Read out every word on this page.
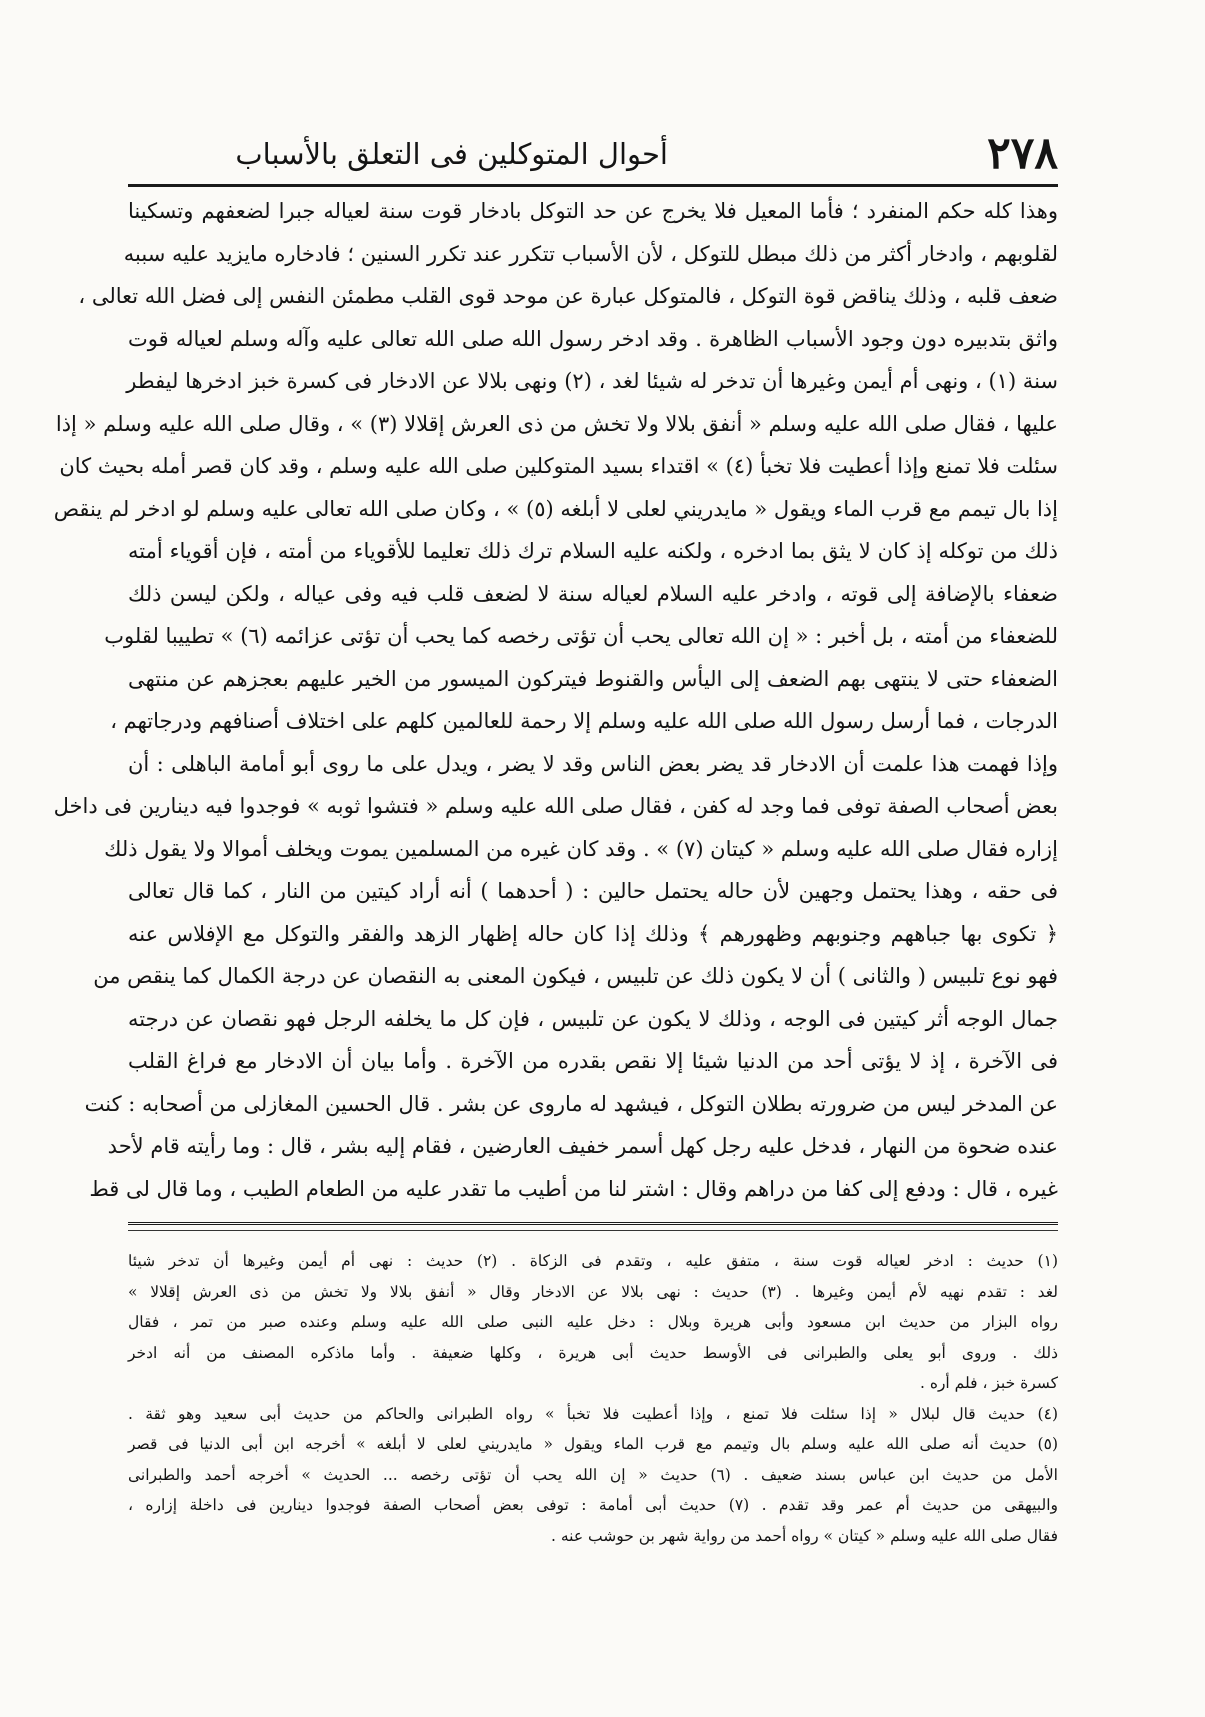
٢٧٨
أحوال المتوكلين فى التعلق بالأسباب
وهذا كله حكم المنفرد ؛ فأما المعيل فلا يخرج عن حد التوكل بادخار قوت سنة لعياله جبرا لضعفهم وتسكينا
لقلوبهم ، وادخار أكثر من ذلك مبطل للتوكل ، لأن الأسباب تتكرر عند تكرر السنين ؛ فادخاره مايزيد عليه سببه
ضعف قلبه ، وذلك يناقض قوة التوكل ، فالمتوكل عبارة عن موحد قوى القلب مطمئن النفس إلى فضل الله تعالى ،
واثق بتدبيره دون وجود الأسباب الظاهرة . وقد ادخر رسول الله صلى الله تعالى عليه وآله وسلم لعياله قوت
سنة (١) ، ونهى أم أيمن وغيرها أن تدخر له شيئا لغد ، (٢) ونهى بلالا عن الادخار فى كسرة خبز ادخرها ليفطر
عليها ، فقال صلى الله عليه وسلم « أنفق بلالا ولا تخش من ذى العرش إقلالا (٣) » ، وقال صلى الله عليه وسلم « إذا
سئلت فلا تمنع وإذا أعطيت فلا تخبأ (٤) » اقتداء بسيد المتوكلين صلى الله عليه وسلم ، وقد كان قصر أمله بحيث كان
إذا بال تيمم مع قرب الماء ويقول « مايدريني لعلى لا أبلغه (٥) » ، وكان صلى الله تعالى عليه وسلم لو ادخر لم ينقص
ذلك من توكله إذ كان لا يثق بما ادخره ، ولكنه عليه السلام ترك ذلك تعليما للأقوياء من أمته ، فإن أقوياء أمته
ضعفاء بالإضافة إلى قوته ، وادخر عليه السلام لعياله سنة لا لضعف قلب فيه وفى عياله ، ولكن ليسن ذلك
للضعفاء من أمته ، بل أخبر : « إن الله تعالى يحب أن تؤتى رخصه كما يحب أن تؤتى عزائمه (٦) » تطييبا لقلوب
الضعفاء حتى لا ينتهى بهم الضعف إلى اليأس والقنوط فيتركون الميسور من الخير عليهم بعجزهم عن منتهى
الدرجات ، فما أرسل رسول الله صلى الله عليه وسلم إلا رحمة للعالمين كلهم على اختلاف أصنافهم ودرجاتهم ،
وإذا فهمت هذا علمت أن الادخار قد يضر بعض الناس وقد لا يضر ، ويدل على ما روى أبو أمامة الباهلى : أن
بعض أصحاب الصفة توفى فما وجد له كفن ، فقال صلى الله عليه وسلم « فتشوا ثوبه » فوجدوا فيه دينارين فى داخل
إزاره فقال صلى الله عليه وسلم « كيتان (٧) » . وقد كان غيره من المسلمين يموت ويخلف أموالا ولا يقول ذلك
فى حقه ، وهذا يحتمل وجهين لأن حاله يحتمل حالين : ( أحدهما ) أنه أراد كيتين من النار ، كما قال تعالى
﴿ تكوى بها جباههم وجنوبهم وظهورهم ﴾ وذلك إذا كان حاله إظهار الزهد والفقر والتوكل مع الإفلاس عنه
فهو نوع تلبيس ( والثانى ) أن لا يكون ذلك عن تلبيس ، فيكون المعنى به النقصان عن درجة الكمال كما ينقص من
جمال الوجه أثر كيتين فى الوجه ، وذلك لا يكون عن تلبيس ، فإن كل ما يخلفه الرجل فهو نقصان عن درجته
فى الآخرة ، إذ لا يؤتى أحد من الدنيا شيئا إلا نقص بقدره من الآخرة . وأما بيان أن الادخار مع فراغ القلب
عن المدخر ليس من ضرورته بطلان التوكل ، فيشهد له ماروى عن بشر . قال الحسين المغازلى من أصحابه : كنت
عنده ضحوة من النهار ، فدخل عليه رجل كهل أسمر خفيف العارضين ، فقام إليه بشر ، قال : وما رأيته قام لأحد
غيره ، قال : ودفع إلى كفا من دراهم وقال : اشتر لنا من أطيب ما تقدر عليه من الطعام الطيب ، وما قال لى قط
(١) حديث : ادخر لعياله قوت سنة ، متفق عليه ، وتقدم فى الزكاة . (٢) حديث : نهى أم أيمن وغيرها أن تدخر شيئا
لغد : تقدم نهيه لأم أيمن وغيرها . (٣) حديث : نهى بلالا عن الادخار وقال « أنفق بلالا ولا تخش من ذى العرش إقلالا »
رواه البزار من حديث ابن مسعود وأبى هريرة وبلال : دخل عليه النبى صلى الله عليه وسلم وعنده صبر من تمر ، فقال
ذلك . وروى أبو يعلى والطبرانى فى الأوسط حديث أبى هريرة ، وكلها ضعيفة . وأما ماذكره المصنف من أنه ادخر
كسرة خبز ، فلم أره .
(٤) حديث قال لبلال « إذا سئلت فلا تمنع ، وإذا أعطيت فلا تخبأ » رواه الطبرانى والحاكم من حديث أبى سعيد وهو ثقة .
(٥) حديث أنه صلى الله عليه وسلم بال وتيمم مع قرب الماء ويقول « مايدريني لعلى لا أبلغه » أخرجه ابن أبى الدنيا فى قصر
الأمل من حديث ابن عباس بسند ضعيف . (٦) حديث « إن الله يحب أن تؤتى رخصه ... الحديث » أخرجه أحمد والطبرانى
والبيهقى من حديث أم عمر وقد تقدم . (٧) حديث أبى أمامة : توفى بعض أصحاب الصفة فوجدوا دينارين فى داخلة إزاره ،
فقال صلى الله عليه وسلم « كيتان » رواه أحمد من رواية شهر بن حوشب عنه .
